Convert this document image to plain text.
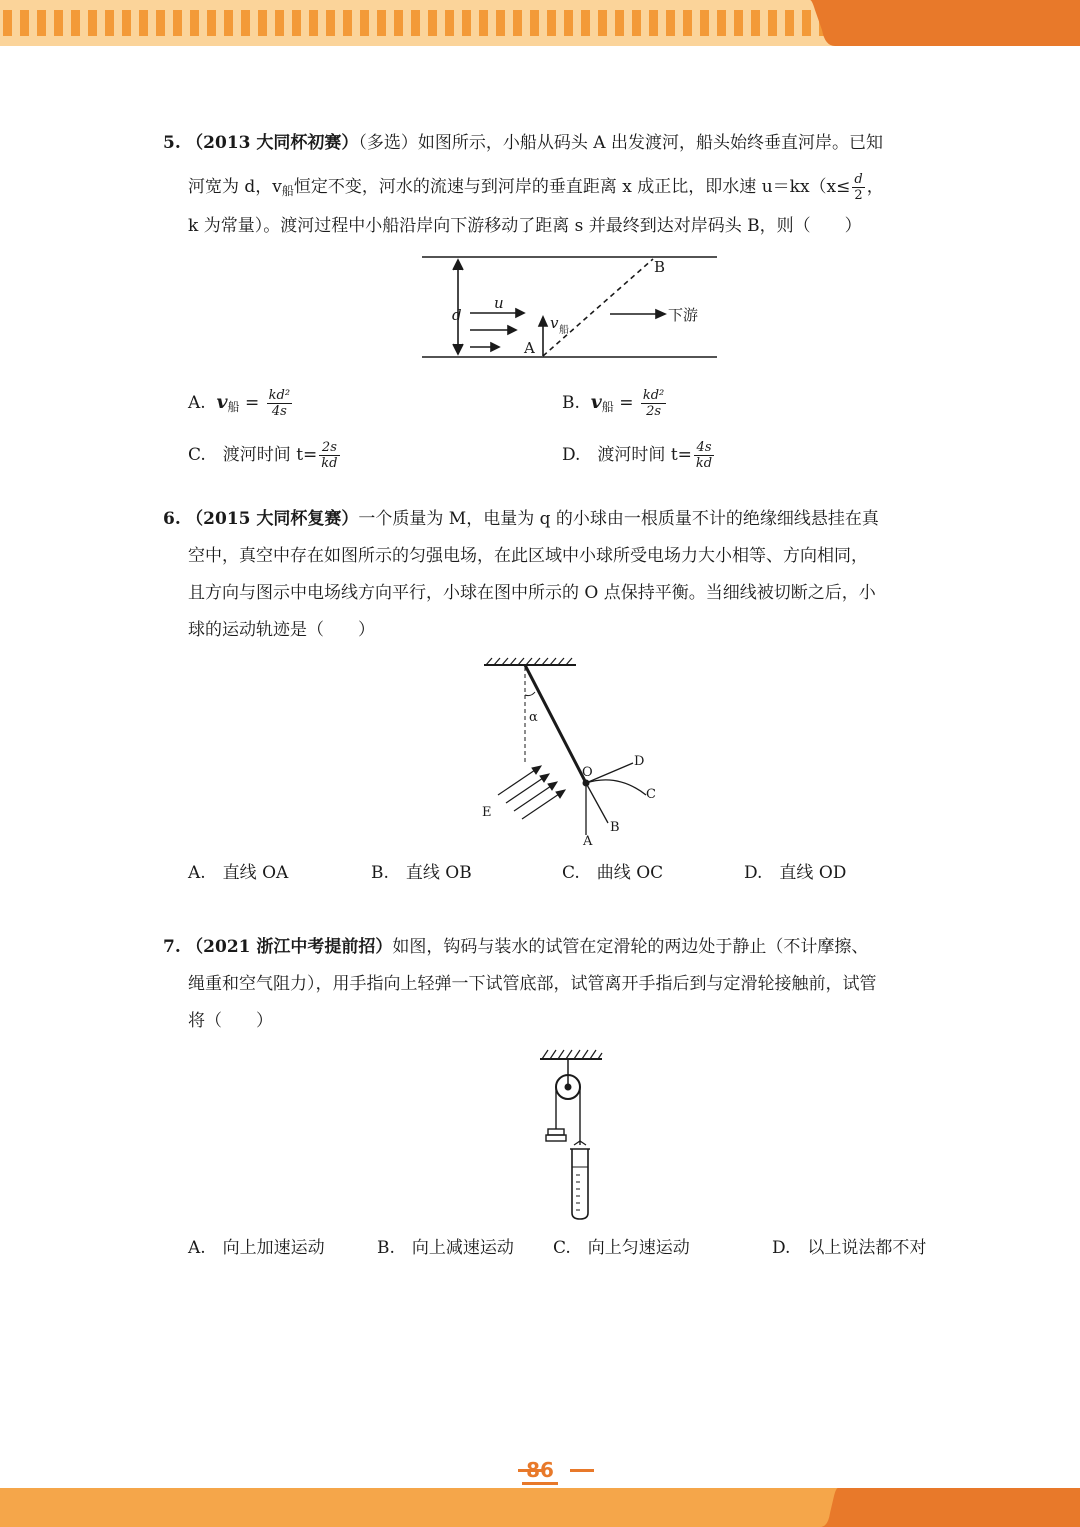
5. （2013 大同杯初赛）（多选）如图所示，小船从码头 A 出发渡河，船头始终垂直河岸。已知
河宽为 d，$v_船$恒定不变，河水的流速与到河岸的垂直距离 x 成正比，即水速 $u=kx(x\le \frac{d}{2}$ ，
k 为常量）。渡河过程中小船沿岸向下游移动了距离 s 并最终到达对岸码头 B，则（　　）
d
u
v 船
A
B
下游
A. $v_船 = \frac{\text{kd²}}{4s}$	B. $v_船 = \frac{\text{kd²}}{2s}$
C.　渡河时间 $t= \frac{2s}{kd}$	D.　渡河时间 $t= \frac{4s}{kd}$
6. （2015 大同杯复赛）一个质量为 M，电量为 q 的小球由一根质量不计的绝缘细线悬挂在真
空中，真空中存在如图所示的匀强电场，在此区域中小球所受电场力大小相等、方向相同，
且方向与图示中电场线方向平行，小球在图中所示的 O 点保持平衡。当细线被切断之后，小
球的运动轨迹是（　　）
α
O
A
B
C
D
E
A.　直线 OA	B.　直线 OB	C.　曲线 OC	D.　直线 OD
7. （2021 浙江中考提前招）如图，钩码与装水的试管在定滑轮的两边处于静止（不计摩擦、
绳重和空气阻力），用手指向上轻弹一下试管底部，试管离开手指后到与定滑轮接触前，试管
将（　　）
A.　向上加速运动	B.　向上减速运动 C.　向上匀速运动	D.　以上说法都不对
86
